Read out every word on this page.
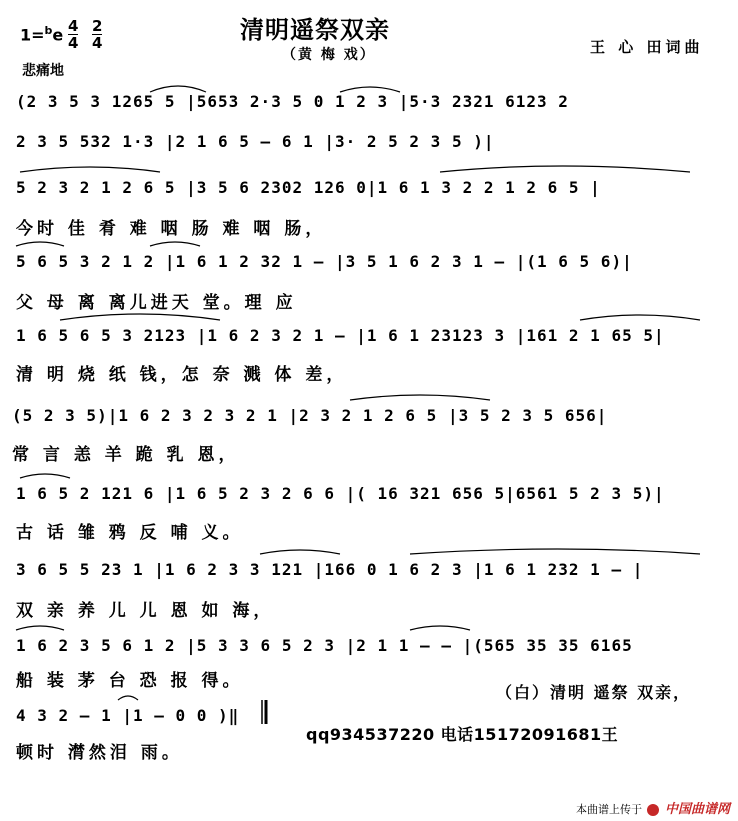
1=$^b$e 4
4
2
4
悲痛地
清明遥祭双亲
（黄 梅 戏）	王 心 田词曲
(2 3 5 3 1265 5 |5653 2·3 5 0 1 2 3 |5·3 2321 6123 2
2 3 5 532 1·3 |2 1 6 5 — 6 1 |3· 2 5 2 3 5 )|
5 2 3 2 1 2 6 5 |3 5 6 2302 126 0|1 6 1 3 2 2 1 2 6 5 |
今时 佳 肴 难 咽 肠 难 咽 肠，
5 6 5 3 2 1 2 |1 6 1 2 32 1 — |3 5 1 6 2 3 1 — |(1 6 5 6)|
父 母 离 离儿进天 堂。理 应
1 6 5 6 5 3 2123 |1 6 2 3 2 1 — |1 6 1 23123 3 |161 2 1 65 5|
清 明 烧 纸 钱，怎 奈 溅 体 差，
(5 2 3 5)|1 6 2 3 2 3 2 1 |2 3 2 1 2 6 5 |3 5 2 3 5 656|
常 言 恙 羊 跪 乳 恩，
1 6 5 2 121 6 |1 6 5 2 3 2 6 6 |( 16 321 656 5|6561 5 2 3 5)|
古 话 雏 鸦 反 哺 义。
3 6 5 5 23 1 |1 6 2 3 3 121 |166 0 1 6 2 3 |1 6 1 232 1 — |
双 亲 养 儿 儿 恩 如 海，
1 6 2 3 5 6 1 2 |5 3 3 6 5 2 3 |2 1 1 — — |(565 35 35 6165
船 装 茅 台 恐 报 得。
（白）清明 遥祭 双亲，
4 3 2 — 1 |1 — 0 0 )‖
顿时 潸然泪 雨。
qq934537220 电话15172091681王
本曲谱上传于 中国曲谱网
